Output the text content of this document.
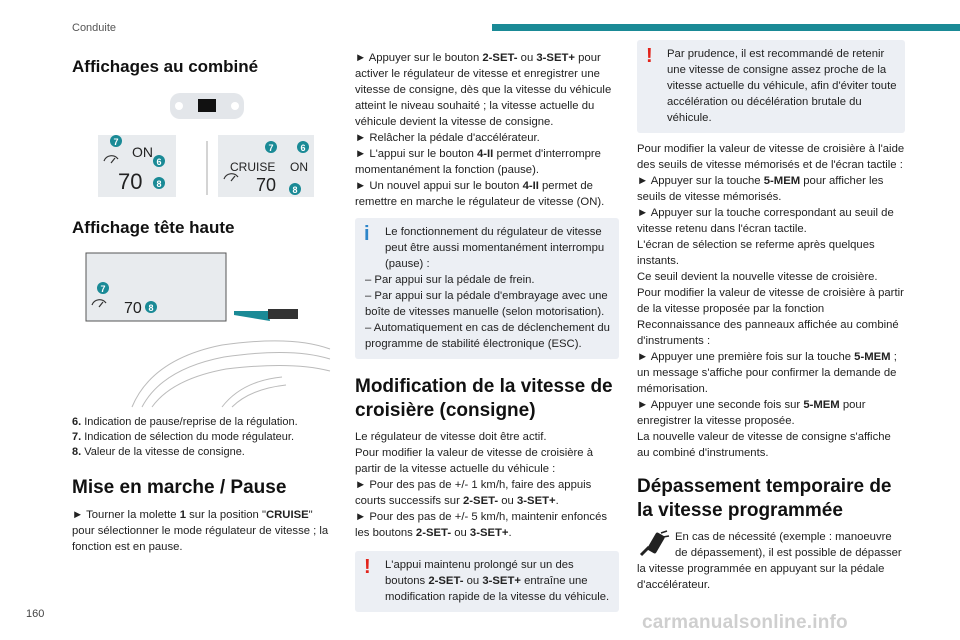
Conduite
Affichages au combiné
ON
70
7
6
8
CRUISE ON
70
7	6
8
Affichage tête haute
70
7
8

6. Indication de pause/reprise de la régulation.

7. Indication de sélection du mode régulateur.

8. Valeur de la vitesse de consigne.

Mise en marche / Pause

► Tourner la molette 1 sur la position "CRUISE" pour sélectionner le mode régulateur de vitesse ; la fonction est en pause.

► Appuyer sur le bouton 2-SET- ou 3-SET+ pour activer le régulateur de vitesse et enregistrer une vitesse de consigne, dès que la vitesse du véhicule atteint le niveau souhaité ; la vitesse actuelle du véhicule devient la vitesse de consigne.

► Relâcher la pédale d'accélérateur.

► L'appui sur le bouton 4-II permet d'interrompre momentanément la fonction (pause).

► Un nouvel appui sur le bouton 4-II permet de remettre en marche le régulateur de vitesse (ON).

i	Le fonctionnement du régulateur de vitesse peut être aussi momentanément interrompu (pause) :

– Par appui sur la pédale de frein.

– Par appui sur la pédale d'embrayage avec une boîte de vitesses manuelle (selon motorisation).

– Automatiquement en cas de déclenchement du programme de stabilité électronique (ESC).

Modification de la vitesse de croisière (consigne)

Le régulateur de vitesse doit être actif.

Pour modifier la valeur de vitesse de croisière à partir de la vitesse actuelle du véhicule :

► Pour des pas de +/- 1 km/h, faire des appuis courts successifs sur 2-SET- ou 3-SET+.

► Pour des pas de +/- 5 km/h, maintenir enfoncés les boutons 2-SET- ou 3-SET+.

!	L'appui maintenu prolongé sur un des boutons 2-SET- ou 3-SET+ entraîne une modification rapide de la vitesse du véhicule.

!	Par prudence, il est recommandé de retenir une vitesse de consigne assez proche de la vitesse actuelle du véhicule, afin d'éviter toute accélération ou décélération brutale du véhicule.

Pour modifier la valeur de vitesse de croisière à l'aide des seuils de vitesse mémorisés et de l'écran tactile :

► Appuyer sur la touche 5-MEM pour afficher les seuils de vitesse mémorisés.

► Appuyer sur la touche correspondant au seuil de vitesse retenu dans l'écran tactile.

L'écran de sélection se referme après quelques instants.

Ce seuil devient la nouvelle vitesse de croisière.

Pour modifier la valeur de vitesse de croisière à partir de la vitesse proposée par la fonction Reconnaissance des panneaux affichée au combiné d'instruments :

► Appuyer une première fois sur la touche 5-MEM ; un message s'affiche pour confirmer la demande de mémorisation.

► Appuyer une seconde fois sur 5-MEM pour enregistrer la vitesse proposée.

La nouvelle valeur de vitesse de consigne s'affiche au combiné d'instruments.

Dépassement temporaire de la vitesse programmée

En cas de nécessité (exemple : manoeuvre de dépassement), il est possible de dépasser la vitesse programmée en appuyant sur la pédale d'accélérateur.

160	carmanualsonline.info
